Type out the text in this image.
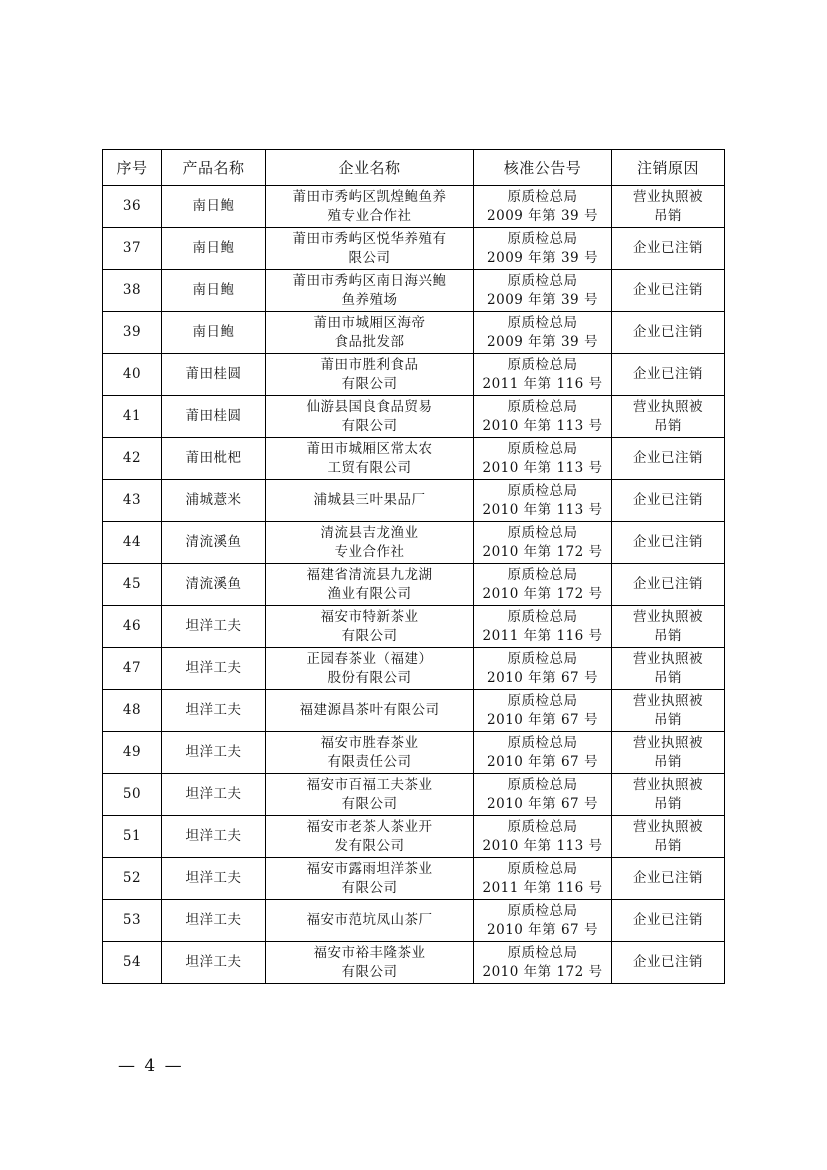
序号	产品名称	企业名称	核准公告号	注销原因
36	南日鲍	莆田市秀屿区凯煌鲍鱼养
殖专业合作社	原质检总局
2009 年第 39 号	营业执照被
吊销

37	南日鲍	莆田市秀屿区悦华养殖有
限公司	原质检总局
2009 年第 39 号	企业已注销

38	南日鲍	莆田市秀屿区南日海兴鲍
鱼养殖场	原质检总局
2009 年第 39 号	企业已注销

39	南日鲍	莆田市城厢区海帝
食品批发部	原质检总局
2009 年第 39 号	企业已注销

40	莆田桂圆	莆田市胜利食品
有限公司	原质检总局
2011 年第 116 号	企业已注销

41	莆田桂圆	仙游县国良食品贸易
有限公司	原质检总局
2010 年第 113 号	营业执照被
吊销

42	莆田枇杷	莆田市城厢区常太农
工贸有限公司	原质检总局
2010 年第 113 号	企业已注销

43	浦城薏米	浦城县三叶果品厂	原质检总局
2010 年第 113 号	企业已注销

44	清流溪鱼	清流县吉龙渔业
专业合作社	原质检总局
2010 年第 172 号	企业已注销

45	清流溪鱼	福建省清流县九龙湖
渔业有限公司	原质检总局
2010 年第 172 号	企业已注销

46	坦洋工夫	福安市特新茶业
有限公司	原质检总局
2011 年第 116 号	营业执照被
吊销

47	坦洋工夫	正园春茶业（福建）
股份有限公司	原质检总局
2010 年第 67 号	营业执照被
吊销

48	坦洋工夫	福建源昌茶叶有限公司	原质检总局
2010 年第 67 号	营业执照被
吊销

49	坦洋工夫	福安市胜春茶业
有限责任公司	原质检总局
2010 年第 67 号	营业执照被
吊销

50	坦洋工夫	福安市百福工夫茶业
有限公司	原质检总局
2010 年第 67 号	营业执照被
吊销

51	坦洋工夫	福安市老茶人茶业开
发有限公司	原质检总局
2010 年第 113 号	营业执照被
吊销

52	坦洋工夫	福安市露雨坦洋茶业
有限公司	原质检总局
2011 年第 116 号	企业已注销

53	坦洋工夫	福安市范坑凤山茶厂	原质检总局
2010 年第 67 号	企业已注销

54	坦洋工夫	福安市裕丰隆茶业
有限公司	原质检总局
2010 年第 172 号	企业已注销
— 4 —
